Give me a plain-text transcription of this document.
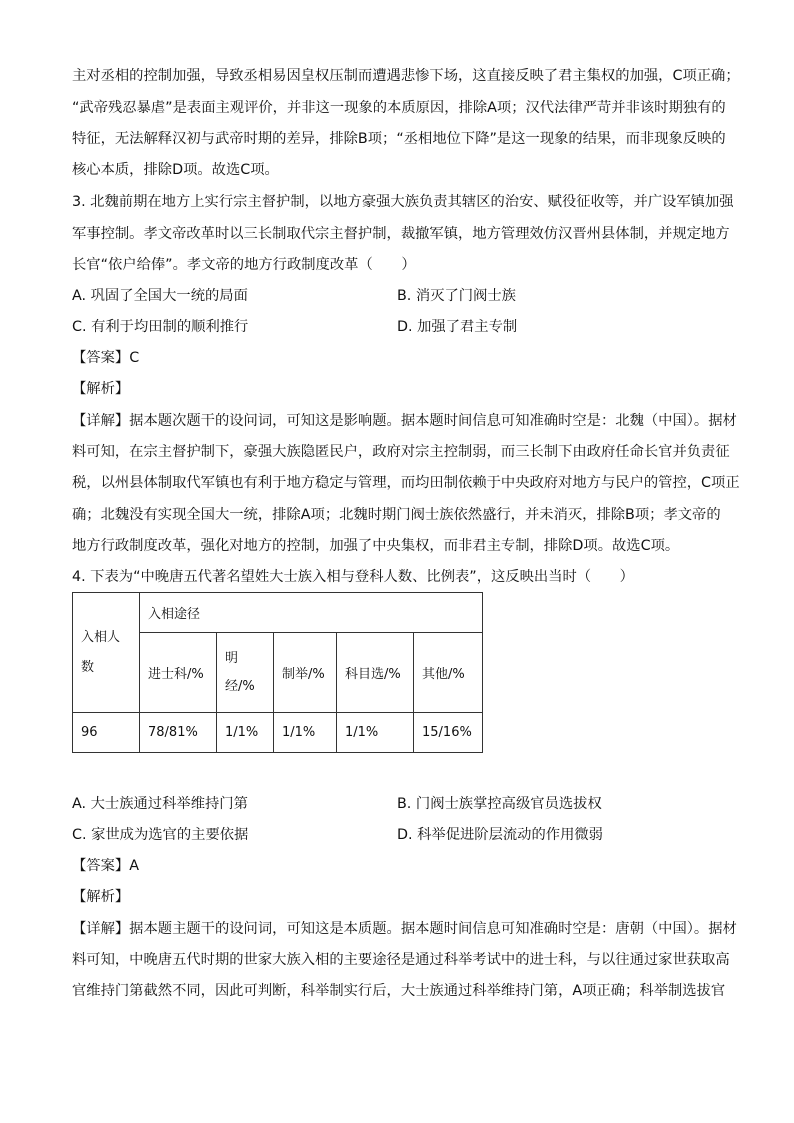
主对丞相的控制加强，导致丞相易因皇权压制而遭遇悲惨下场，这直接反映了君主集权的加强，C项正确；
“武帝残忍暴虐”是表面主观评价，并非这一现象的本质原因，排除A项；汉代法律严苛并非该时期独有的
特征，无法解释汉初与武帝时期的差异，排除B项；“丞相地位下降”是这一现象的结果，而非现象反映的
核心本质，排除D项。故选C项。
3. 北魏前期在地方上实行宗主督护制，以地方豪强大族负责其辖区的治安、赋役征收等，并广设军镇加强
军事控制。孝文帝改革时以三长制取代宗主督护制，裁撤军镇，地方管理效仿汉晋州县体制，并规定地方
长官“依户给俸”。孝文帝的地方行政制度改革（　　）
A. 巩固了全国大一统的局面	B. 消灭了门阀士族
C. 有利于均田制的顺利推行	D. 加强了君主专制
【答案】C
【解析】
【详解】据本题次题干的设问词，可知这是影响题。据本题时间信息可知准确时空是：北魏（中国）。据材
料可知，在宗主督护制下，豪强大族隐匿民户，政府对宗主控制弱，而三长制下由政府任命长官并负责征
税，以州县体制取代军镇也有利于地方稳定与管理，而均田制依赖于中央政府对地方与民户的管控，C项正
确；北魏没有实现全国大一统，排除A项；北魏时期门阀士族依然盛行，并未消灭，排除B项；孝文帝的
地方行政制度改革，强化对地方的控制，加强了中央集权，而非君主专制，排除D项。故选C项。
4. 下表为“中晚唐五代著名望姓大士族入相与登科人数、比例表”，这反映出当时（　　）
入相人数	入相途径				
	进士科/%	明经/%	制举/%	科目选/%	其他/%
96	78/81%	1/1%	1/1%	1/1%	15/16%
A. 大士族通过科举维持门第	B. 门阀士族掌控高级官员选拔权
C. 家世成为选官的主要依据	D. 科举促进阶层流动的作用微弱
【答案】A
【解析】
【详解】据本题主题干的设问词，可知这是本质题。据本题时间信息可知准确时空是：唐朝（中国）。据材
料可知，中晚唐五代时期的世家大族入相的主要途径是通过科举考试中的进士科，与以往通过家世获取高
官维持门第截然不同，因此可判断，科举制实行后，大士族通过科举维持门第，A项正确；科举制选拔官
